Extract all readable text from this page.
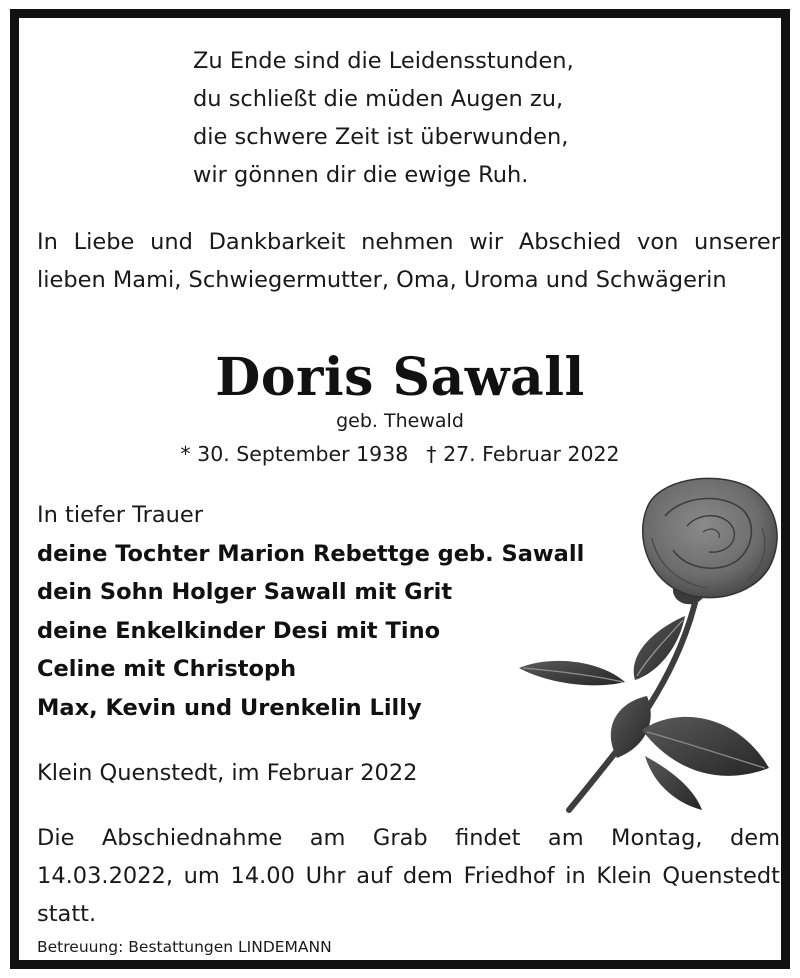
Zu Ende sind die Leidensstunden,
du schließt die müden Augen zu,
die schwere Zeit ist überwunden,
wir gönnen dir die ewige Ruh.
In Liebe und Dankbarkeit nehmen wir Abschied von unserer lieben Mami, Schwiegermutter, Oma, Uroma und Schwägerin
Doris Sawall
geb. Thewald
* 30. September 1938 † 27. Februar 2022
In tiefer Trauer
deine Tochter Marion Rebettge geb. Sawall
dein Sohn Holger Sawall mit Grit
deine Enkelkinder Desi mit Tino
Celine mit Christoph
Max, Kevin und Urenkelin Lilly
Klein Quenstedt, im Februar 2022
Die Abschiednahme am Grab findet am Montag, dem 14.03.2022, um 14.00 Uhr auf dem Friedhof in Klein Quenstedt statt.
Betreuung: Bestattungen LINDEMANN
